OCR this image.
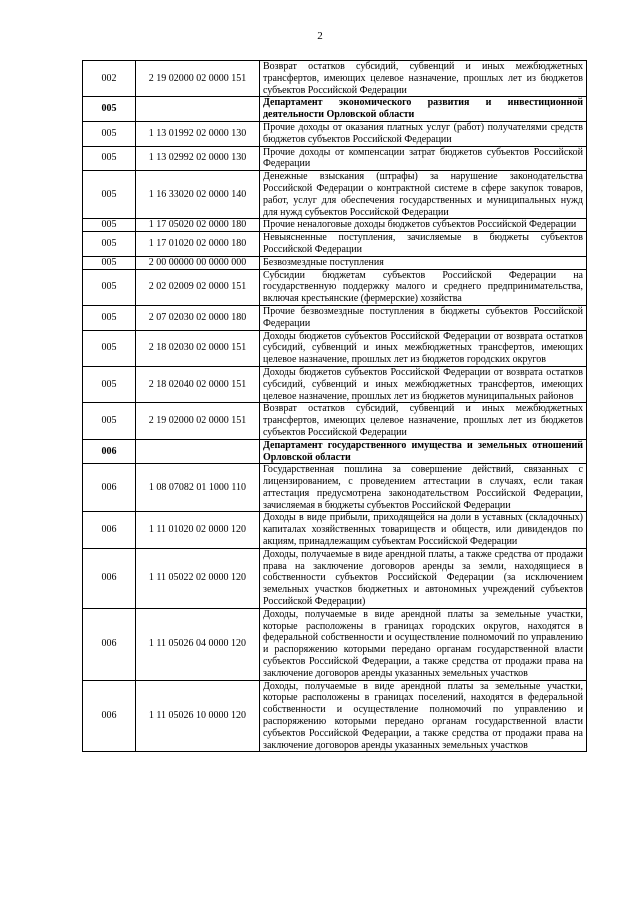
2
002	2 19 02000 02 0000 151	Возврат остатков субсидий, субвенций и иных межбюджетных трансфертов, имеющих целевое назначение, прошлых лет из бюджетов субъектов Российской Федерации
005		Департамент экономического развития и инвестиционной деятельности Орловской области
005	1 13 01992 02 0000 130	Прочие доходы от оказания платных услуг (работ) получателями средств бюджетов субъектов Российской Федерации
005	1 13 02992 02 0000 130	Прочие доходы от компенсации затрат бюджетов субъектов Российской Федерации
005	1 16 33020 02 0000 140	Денежные взыскания (штрафы) за нарушение законодательства Российской Федерации о контрактной системе в сфере закупок товаров, работ, услуг для обеспечения государственных и муниципальных нужд для нужд субъектов Российской Федерации
005	1 17 05020 02 0000 180	Прочие неналоговые доходы бюджетов субъектов Российской Федерации
005	1 17 01020 02 0000 180	Невыясненные поступления, зачисляемые в бюджеты субъектов Российской Федерации
005	2 00 00000 00 0000 000	Безвозмездные поступления
005	2 02 02009 02 0000 151	Субсидии бюджетам субъектов Российской Федерации на государственную поддержку малого и среднего предпринимательства, включая крестьянские (фермерские) хозяйства
005	2 07 02030 02 0000 180	Прочие безвозмездные поступления в бюджеты субъектов Российской Федерации
005	2 18 02030 02 0000 151	Доходы бюджетов субъектов Российской Федерации от возврата остатков субсидий, субвенций и иных межбюджетных трансфертов, имеющих целевое назначение, прошлых лет из бюджетов городских округов
005	2 18 02040 02 0000 151	Доходы бюджетов субъектов Российской Федерации от возврата остатков субсидий, субвенций и иных межбюджетных трансфертов, имеющих целевое назначение, прошлых лет из бюджетов муниципальных районов
005	2 19 02000 02 0000 151	Возврат остатков субсидий, субвенций и иных межбюджетных трансфертов, имеющих целевое назначение, прошлых лет из бюджетов субъектов Российской Федерации
006		Департамент государственного имущества и земельных отношений Орловской области
006	1 08 07082 01 1000 110	Государственная пошлина за совершение действий, связанных с лицензированием, с проведением аттестации в случаях, если такая аттестация предусмотрена законодательством Российской Федерации, зачисляемая в бюджеты субъектов Российской Федерации
006	1 11 01020 02 0000 120	Доходы в виде прибыли, приходящейся на доли в уставных (складочных) капиталах хозяйственных товариществ и обществ, или дивидендов по акциям, принадлежащим субъектам Российской Федерации
006	1 11 05022 02 0000 120	Доходы, получаемые в виде арендной платы, а также средства от продажи права на заключение договоров аренды за земли, находящиеся в собственности субъектов Российской Федерации (за исключением земельных участков бюджетных и автономных учреждений субъектов Российской Федерации)
006	1 11 05026 04 0000 120	Доходы, получаемые в виде арендной платы за земельные участки, которые расположены в границах городских округов, находятся в федеральной собственности и осуществление полномочий по управлению и распоряжению которыми передано органам государственной власти субъектов Российской Федерации, а также средства от продажи права на заключение договоров аренды указанных земельных участков
006	1 11 05026 10 0000 120	Доходы, получаемые в виде арендной платы за земельные участки, которые расположены в границах поселений, находятся в федеральной собственности и осуществление полномочий по управлению и распоряжению которыми передано органам государственной власти субъектов Российской Федерации, а также средства от продажи права на заключение договоров аренды указанных земельных участков
